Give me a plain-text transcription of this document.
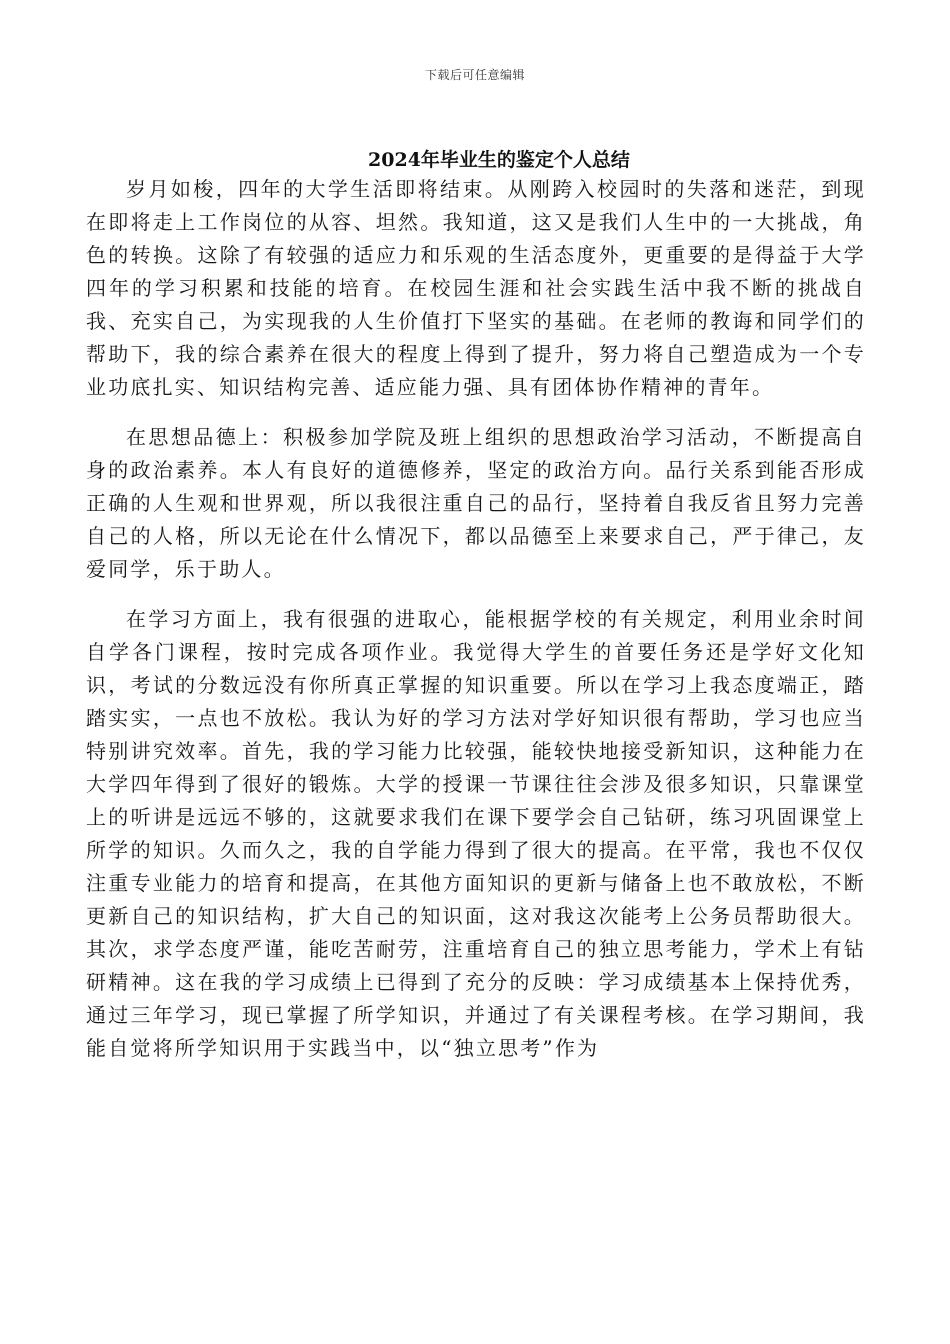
下载后可任意编辑
2024年毕业生的鉴定个人总结

岁月如梭，四年的大学生活即将结束。从刚跨入校园时的失落和迷茫，到现在即将走上工作岗位的从容、坦然。我知道，这又是我们人生中的一大挑战，角色的转换。这除了有较强的适应力和乐观的生活态度外，更重要的是得益于大学四年的学习积累和技能的培育。在校园生涯和社会实践生活中我不断的挑战自我、充实自己，为实现我的人生价值打下坚实的基础。在老师的教诲和同学们的帮助下，我的综合素养在很大的程度上得到了提升，努力将自己塑造成为一个专业功底扎实、知识结构完善、适应能力强、具有团体协作精神的青年。

在思想品德上：积极参加学院及班上组织的思想政治学习活动，不断提高自身的政治素养。本人有良好的道德修养，坚定的政治方向。品行关系到能否形成正确的人生观和世界观，所以我很注重自己的品行，坚持着自我反省且努力完善自己的人格，所以无论在什么情况下，都以品德至上来要求自己，严于律己，友爱同学，乐于助人。

在学习方面上，我有很强的进取心，能根据学校的有关规定，利用业余时间自学各门课程，按时完成各项作业。我觉得大学生的首要任务还是学好文化知识，考试的分数远没有你所真正掌握的知识重要。所以在学习上我态度端正，踏踏实实，一点也不放松。我认为好的学习方法对学好知识很有帮助，学习也应当特别讲究效率。首先，我的学习能力比较强，能较快地接受新知识，这种能力在大学四年得到了很好的锻炼。大学的授课一节课往往会涉及很多知识，只靠课堂上的听讲是远远不够的，这就要求我们在课下要学会自己钻研，练习巩固课堂上所学的知识。久而久之，我的自学能力得到了很大的提高。在平常，我也不仅仅注重专业能力的培育和提高，在其他方面知识的更新与储备上也不敢放松，不断更新自己的知识结构，扩大自己的知识面，这对我这次能考上公务员帮助很大。其次，求学态度严谨，能吃苦耐劳，注重培育自己的独立思考能力，学术上有钻研精神。这在我的学习成绩上已得到了充分的反映：学习成绩基本上保持优秀，通过三年学习，现已掌握了所学知识，并通过了有关课程考核。在学习期间，我能自觉将所学知识用于实践当中，以“独立思考”作为
